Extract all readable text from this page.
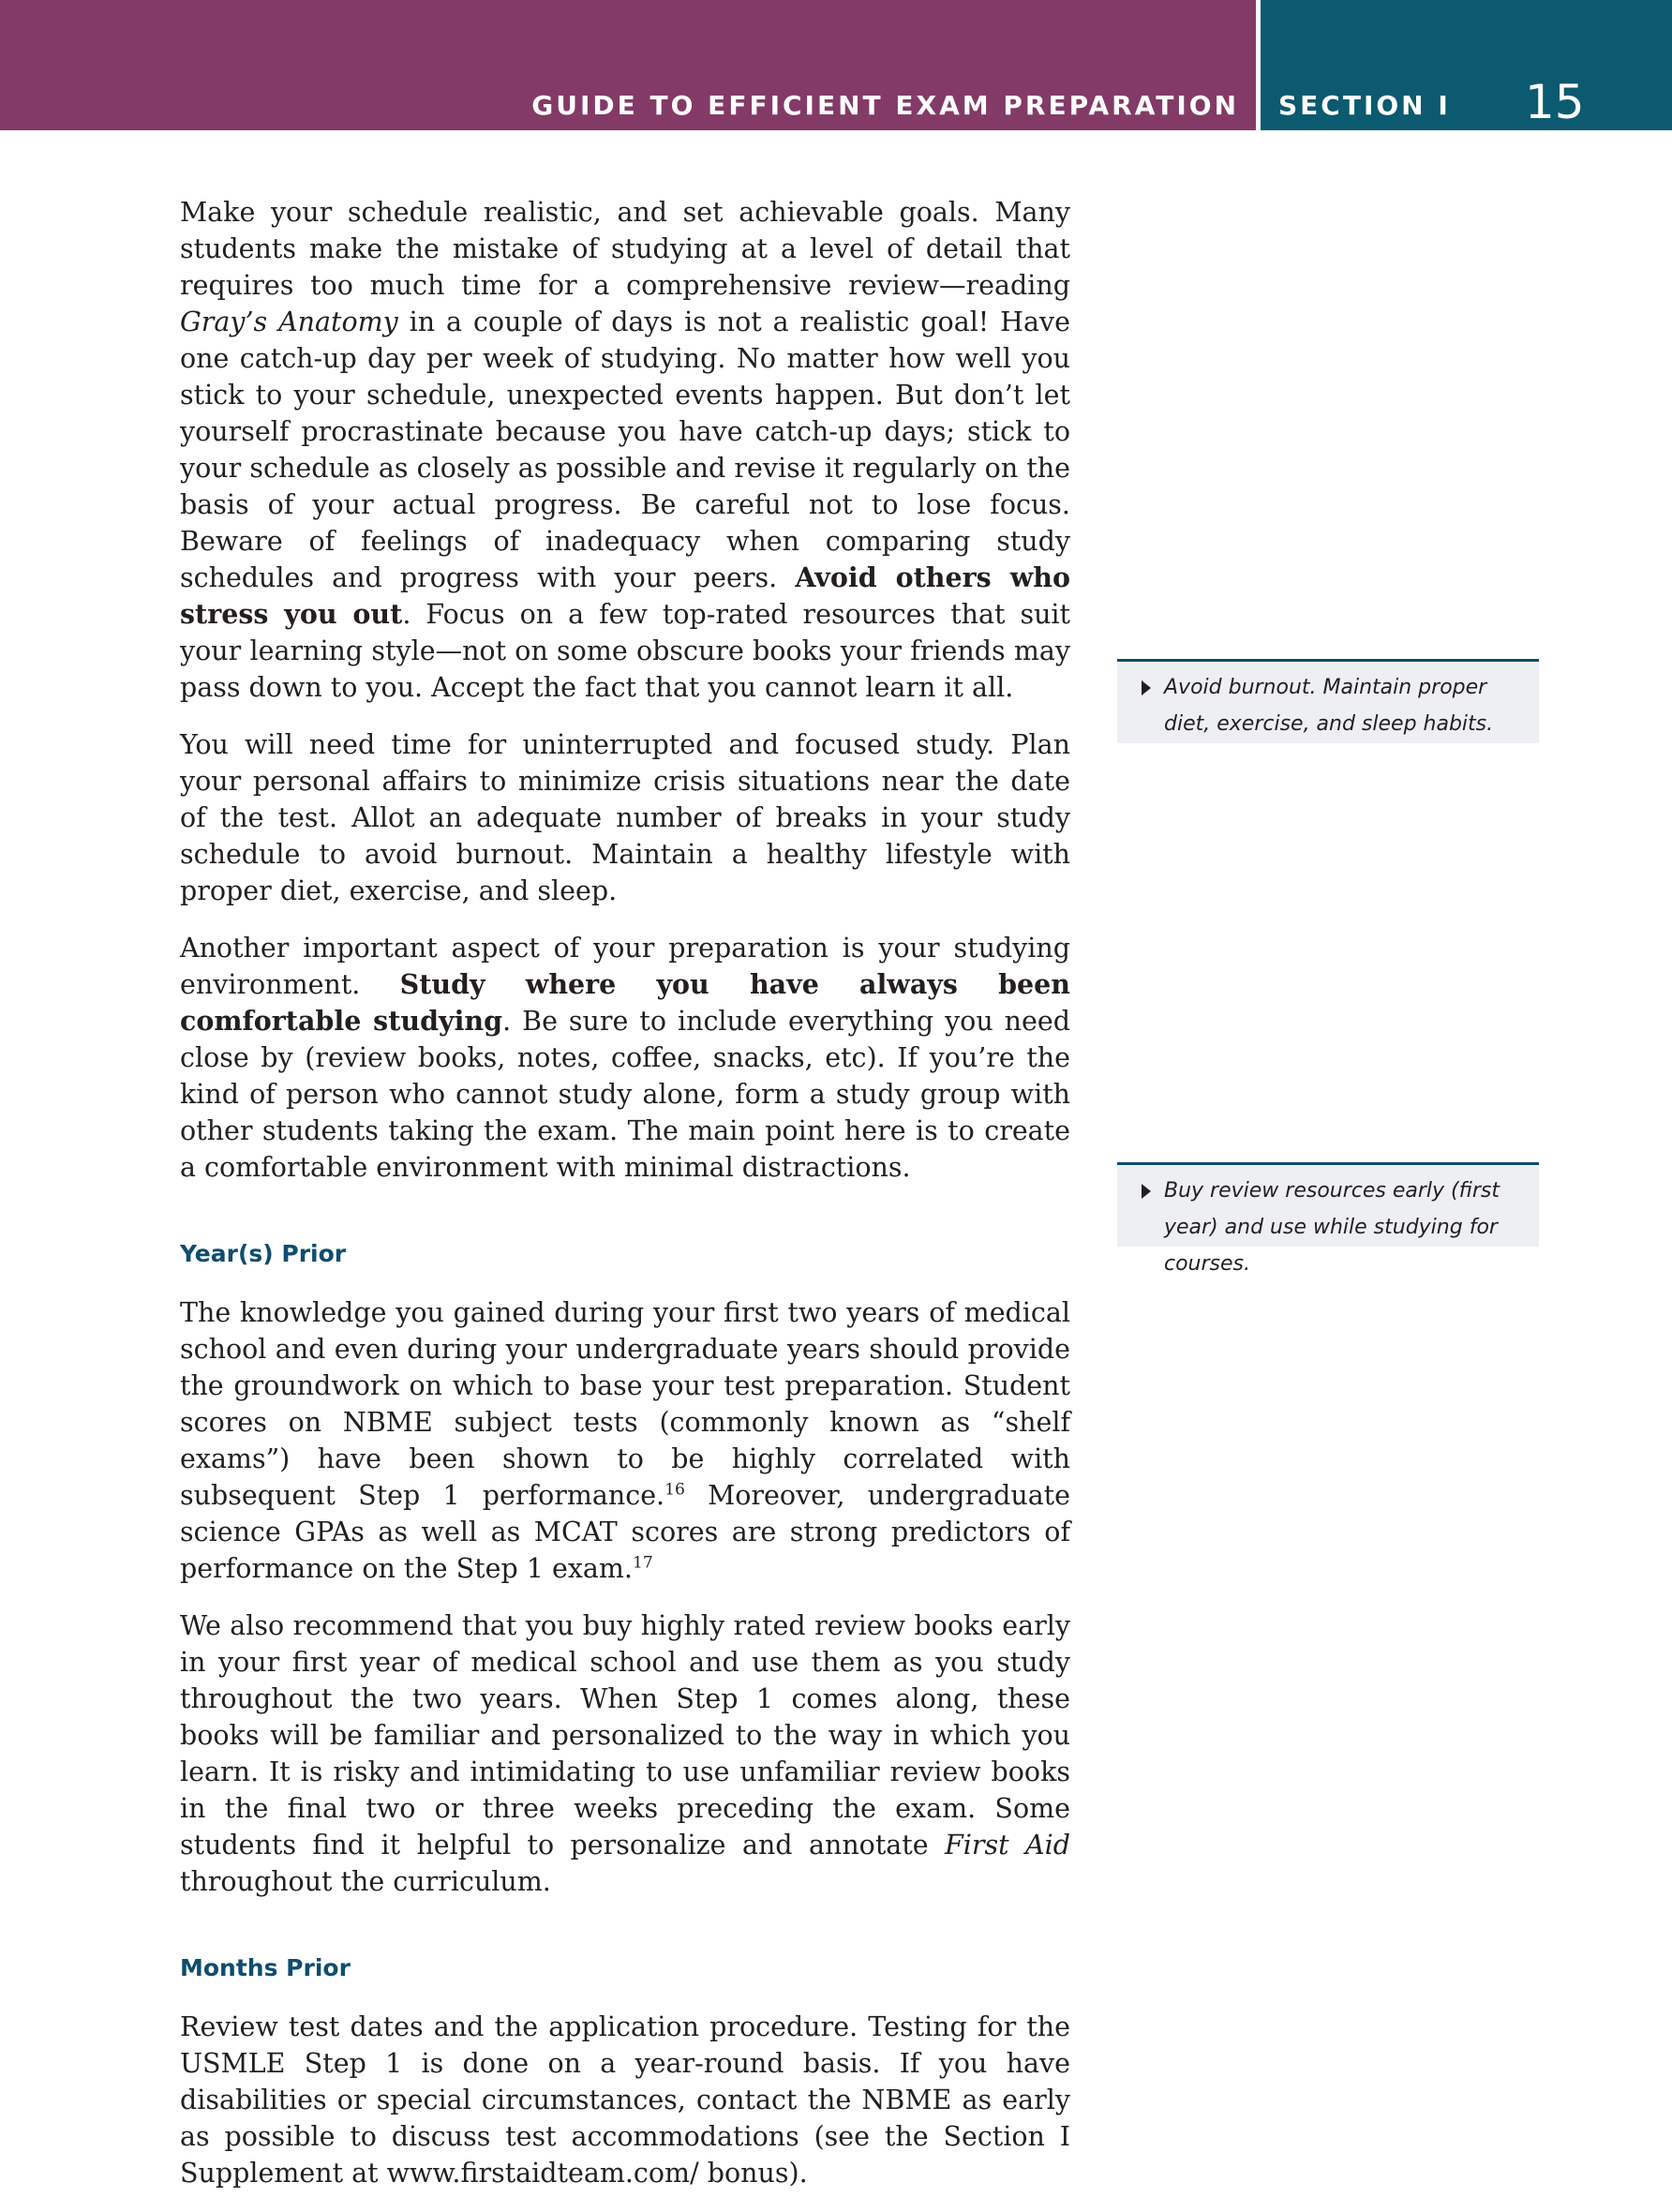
GUIDE TO EFFICIENT EXAM PREPARATION SECTION I 15

Make your schedule realistic, and set achievable goals. Many students make the mistake of studying at a level of detail that requires too much time for a comprehensive review—reading Gray’s Anatomy in a couple of days is not a realistic goal! Have one catch-up day per week of studying. No matter how well you stick to your schedule, unexpected events happen. But don’t let yourself procrastinate because you have catch-up days; stick to your schedule as closely as possible and revise it regularly on the basis of your actual progress. Be careful not to lose focus. Beware of feelings of inadequacy when comparing study schedules and progress with your peers. Avoid others who stress you out. Focus on a few top-rated resources that suit your learning style—not on some obscure books your friends may pass down to you. Accept the fact that you cannot learn it all.

You will need time for uninterrupted and focused study. Plan your personal affairs to minimize crisis situations near the date of the test. Allot an adequate number of breaks in your study schedule to avoid burnout. Maintain a healthy lifestyle with proper diet, exercise, and sleep.

Another important aspect of your preparation is your studying environment. Study where you have always been comfortable studying. Be sure to include everything you need close by (review books, notes, coffee, snacks, etc). If you’re the kind of person who cannot study alone, form a study group with other students taking the exam. The main point here is to create a comfortable environment with minimal distractions.

Year(s) Prior

The knowledge you gained during your first two years of medical school and even during your undergraduate years should provide the groundwork on which to base your test preparation. Student scores on NBME subject tests (commonly known as “shelf exams”) have been shown to be highly correlated with subsequent Step 1 performance.$^{16}$ Moreover, undergraduate science GPAs as well as MCAT scores are strong predictors of performance on the Step 1 exam.$^{17}$

We also recommend that you buy highly rated review books early in your first year of medical school and use them as you study throughout the two years. When Step 1 comes along, these books will be familiar and personalized to the way in which you learn. It is risky and intimidating to use unfamiliar review books in the final two or three weeks preceding the exam. Some students find it helpful to personalize and annotate First Aid throughout the curriculum.

Months Prior

Review test dates and the application procedure. Testing for the USMLE Step 1 is done on a year-round basis. If you have disabilities or special circumstances, contact the NBME as early as possible to discuss test accommodations (see the Section I Supplement at www.firstaidteam.com/ bonus).

Avoid burnout. Maintain proper diet, exercise, and sleep habits.
Buy review resources early (first year) and use while studying for courses.
